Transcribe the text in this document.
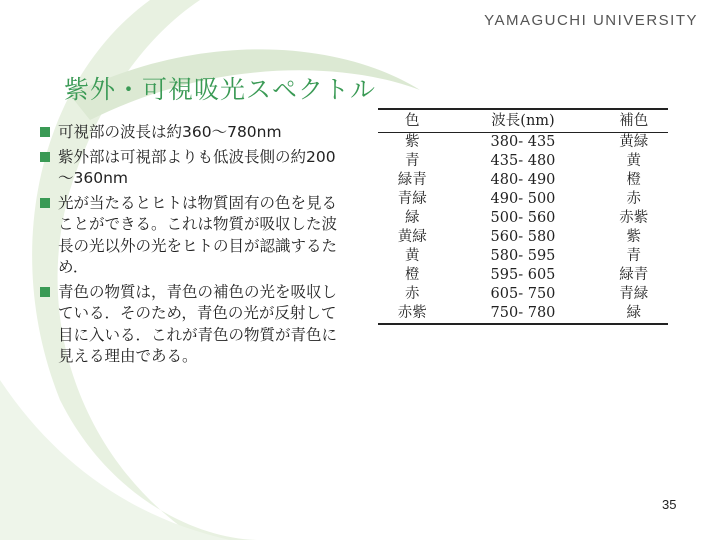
YAMAGUCHI UNIVERSITY
紫外・可視吸光スペクトル
可視部の波長は約360～780nm
紫外部は可視部よりも低波長側の約200～360nm
光が当たるとヒトは物質固有の色を見ることができる。これは物質が吸収した波長の光以外の光をヒトの目が認識するため．
青色の物質は，青色の補色の光を吸収している．そのため，青色の光が反射して目に入いる．これが青色の物質が青色に見える理由である。
色	波長(nm)	補色
紫	380- 435	黄緑
青	435- 480	黄
緑青	480- 490	橙
青緑	490- 500	赤
緑	500- 560	赤紫
黄緑	560- 580	紫
黄	580- 595	青
橙	595- 605	緑青
赤	605- 750	青緑
赤紫	750- 780	緑
35
